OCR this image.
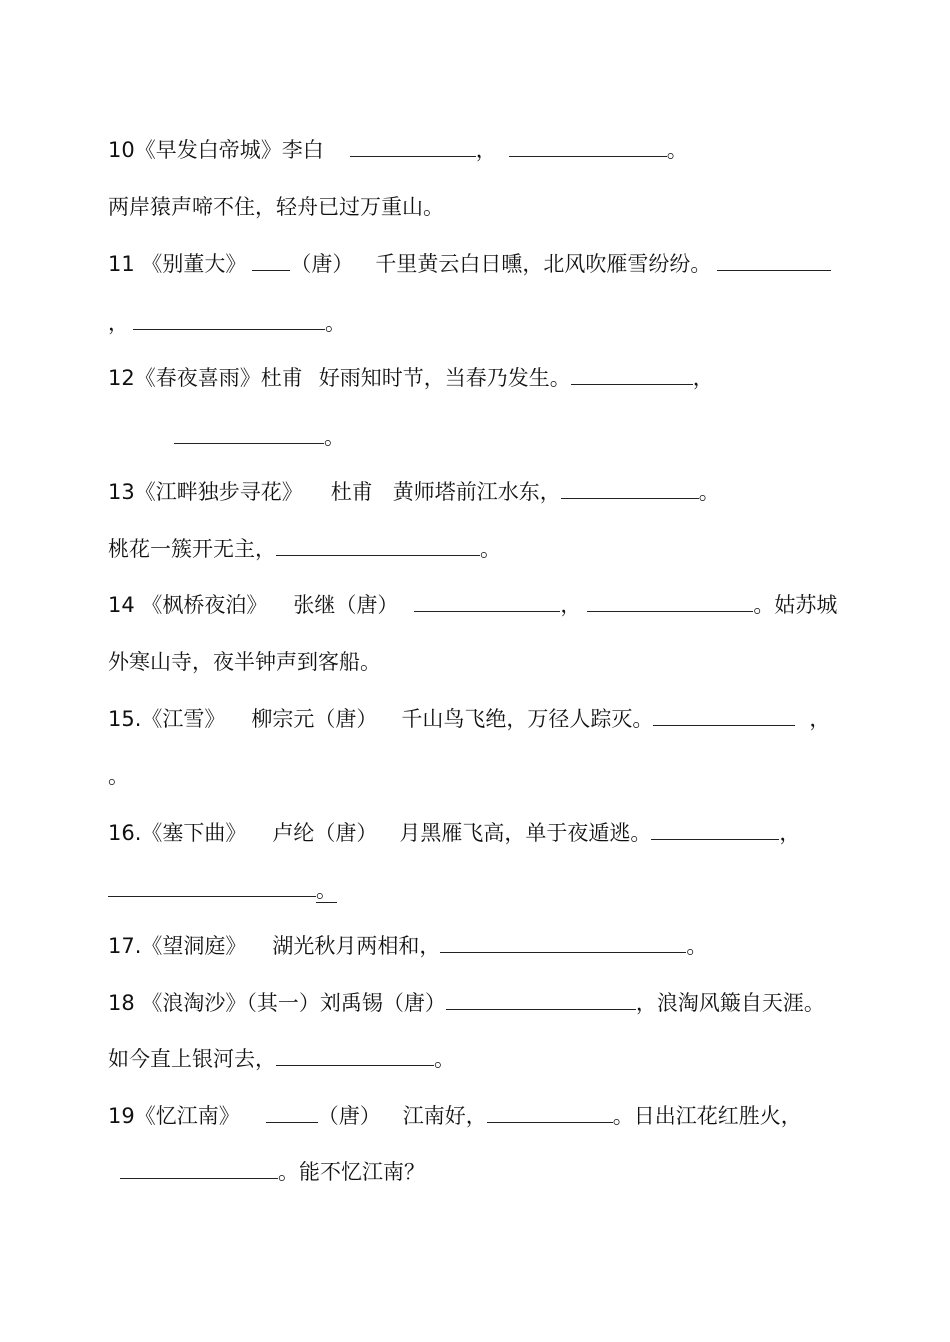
10《早发白帝城》李白	，	。
两岸猿声啼不住，轻舟已过万重山。
11 《别董大》 （唐） 千里黄云白日曛，北风吹雁雪纷纷。
，	。
12《春夜喜雨》杜甫 好雨知时节，当春乃发生。	，
。
13《江畔独步寻花》 杜甫 黄师塔前江水东，	。
桃花一簇开无主，	。
14 《枫桥夜泊》 张继（唐）	，	。姑苏城
外寒山寺，夜半钟声到客船。
15.《江雪》 柳宗元（唐） 千山鸟飞绝，万径人踪灭。	，
。
16.《塞下曲》 卢纶（唐） 月黑雁飞高，单于夜遁逃。	，
。
17.《望洞庭》 湖光秋月两相和，	。
18 《浪淘沙》（其一）刘禹锡（唐）	，浪淘风簸自天涯。
如今直上银河去，	。
19《忆江南》	（唐） 江南好，	。日出江花红胜火，
。能不忆江南？
